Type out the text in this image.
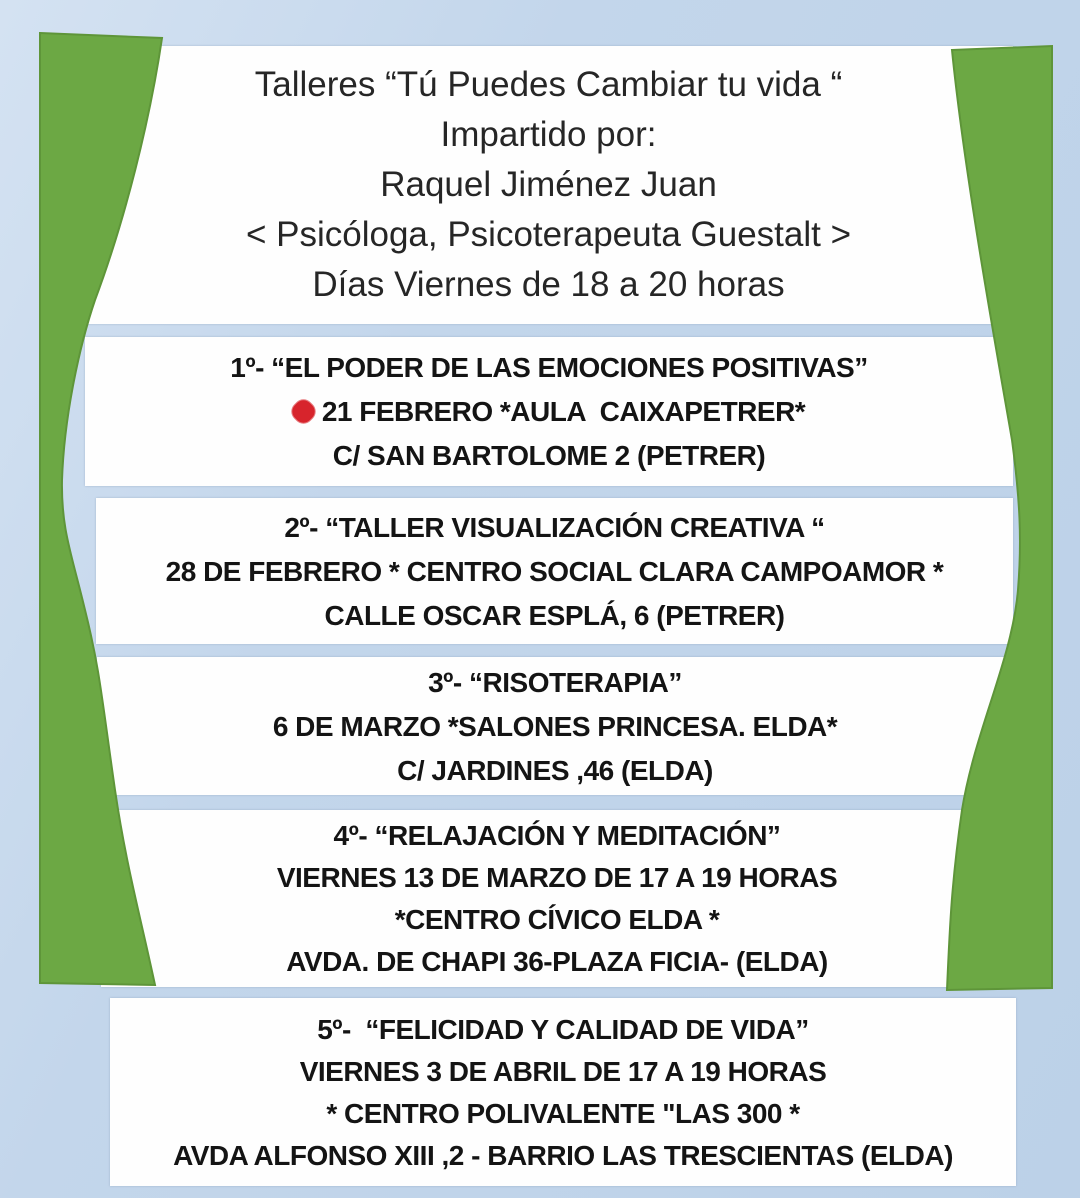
Talleres “Tú Puedes Cambiar tu vida “
Impartido por:
Raquel Jiménez Juan
< Psicóloga, Psicoterapeuta Guestalt >
Días Viernes de 18 a 20 horas
1º- “EL PODER DE LAS EMOCIONES POSITIVAS”
21 FEBRERO *AULA  CAIXAPETRER*
C/ SAN BARTOLOME 2 (PETRER)
2º- “TALLER VISUALIZACIÓN CREATIVA “
28 DE FEBRERO * CENTRO SOCIAL CLARA CAMPOAMOR *
CALLE OSCAR ESPLÁ, 6 (PETRER)
3º- “RISOTERAPIA”
6 DE MARZO *SALONES PRINCESA. ELDA*
C/ JARDINES ,46 (ELDA)
4º- “RELAJACIÓN Y MEDITACIÓN”
VIERNES 13 DE MARZO DE 17 A 19 HORAS
*CENTRO CÍVICO ELDA *
AVDA. DE CHAPI 36-PLAZA FICIA- (ELDA)
5º-  “FELICIDAD Y CALIDAD DE VIDA”
VIERNES 3 DE ABRIL DE 17 A 19 HORAS
* CENTRO POLIVALENTE "LAS 300 *
AVDA ALFONSO XIII ,2 - BARRIO LAS TRESCIENTAS (ELDA)
